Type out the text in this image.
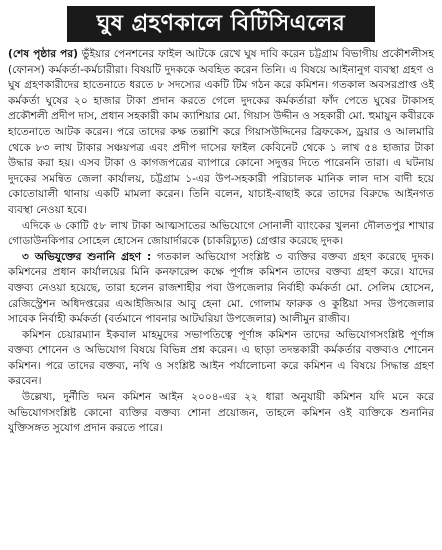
ঘুষ গ্রহণকালে বিটিসিএলের

(শেষ পৃষ্ঠার পর) ভুঁইয়ার পেনশনের ফাইল আটকে রেখে ঘুষ দাবি করেন চট্টগ্রাম বিভাগীয় প্রকৌশলীসহ (ফোনস) কর্মকর্তা-কর্মচারীরা। বিষয়টি দুদককে অবহিত করেন তিনি। এ বিষয়ে আইনানুগ ব্যবস্থা গ্রহণ ও ঘুষ গ্রহণকারীদের হাতেনাতে ধরতে ৮ সদস্যের একটি টিম গঠন করে কমিশন। গতকাল অবসরপ্রাপ্ত ওই কর্মকর্তা ঘুষের ২০ হাজার টাকা প্রদান করতে গেলে দুদকের কর্মকর্তারা ফাঁদ পেতে ঘুষের টাকাসহ প্রকৌশলী প্রদীপ দাস, প্রধান সহকারী কাম ক্যাশিয়ার মো. গিয়াস উদ্দীন ও সহকারী মো. হুমায়ুন কবীরকে হাতেনাতে আটক করেন। পরে তাদের কক্ষ তল্লাশি করে গিয়াসউদ্দিনের ব্রিফকেস, ড্রয়ার ও আলমারি থেকে ৮৩ লাখ টাকার সঞ্চয়পত্র এবং প্রদীপ দাসের ফাইল কেবিনেট থেকে ১ লাখ ৫৪ হাজার টাকা উদ্ধার করা হয়। এসব টাকা ও কাগজপত্রের ব্যাপারে কোনো সদুত্তর দিতে পারেননি তারা। এ ঘটনায় দুদকের সমন্বিত জেলা কার্যালয়, চট্টগ্রাম ১-এর উপ-সহকারী পরিচালক মানিক লাল দাস বাদী হয়ে কোতোয়ালী থানায় একটি মামলা করেন। তিনি বলেন, যাচাই-বাছাই করে তাদের বিরুদ্ধে আইনগত ব্যবস্থা নেওয়া হবে।

এদিকে ৬ কোটি ৫৮ লাখ টাকা আত্মসাতের অভিযোগে সোনালী ব্যাংকের খুলনা দৌলতপুর শাখার গোডাউনকিপার সোহেল হোসেন জোয়ার্দারকে (চাকরিচ্যুত) গ্রেপ্তার করেছে দুদক।

৩ অভিযুক্তের শুনানি গ্রহণ : গতকাল অভিযোগ সংশ্লিষ্ট ৩ ব্যক্তির বক্তব্য গ্রহণ করেছে দুদক। কমিশনের প্রধান কার্যালয়ের মিনি কনফারেন্স কক্ষে পূর্ণাঙ্গ কমিশন তাদের বক্তব্য গ্রহণ করে। যাদের বক্তব্য নেওয়া হয়েছে, তারা হলেন রাজশাহীর পবা উপজেলার নির্বাহী কর্মকর্তা মো. সেলিম হোসেন, রেজিস্ট্রেশন অধিদপ্তরের এআইজিআর আবু হেনা মো. গোলাম ফারুক ও কুষ্টিয়া সদর উপজেলার সাবেক নির্বাহী কর্মকর্তা (বর্তমানে পাবনার আটঘরিয়া উপজেলার) আলীমুন রাজীব।

কমিশন চেয়ারম্যান ইকবাল মাহমুদের সভাপতিত্বে পূর্ণাঙ্গ কমিশন তাদের অভিযোগসংশ্লিষ্ট পূর্ণাঙ্গ বক্তব্য শোনেন ও অভিযোগ বিষয়ে বিভিন্ন প্রশ্ন করেন। এ ছাড়া তদন্তকারী কর্মকর্তার বক্তব্যও শোনেন কমিশন। পরে তাদের বক্তব্য, নথি ও সংশ্লিষ্ট আইন পর্যালোচনা করে কমিশন এ বিষয়ে সিদ্ধান্ত গ্রহণ করবেন।

উল্লেখ্য, দুর্নীতি দমন কমিশন আইন ২০০৪-এর ২২ ধারা অনুযায়ী কমিশন যদি মনে করে অভিযোগসংশ্লিষ্ট কোনো ব্যক্তির বক্তব্য শোনা প্রয়োজন, তাহলে কমিশন ওই ব্যক্তিকে শুনানির যুক্তিসঙ্গত সুযোগ প্রদান করতে পারে।
